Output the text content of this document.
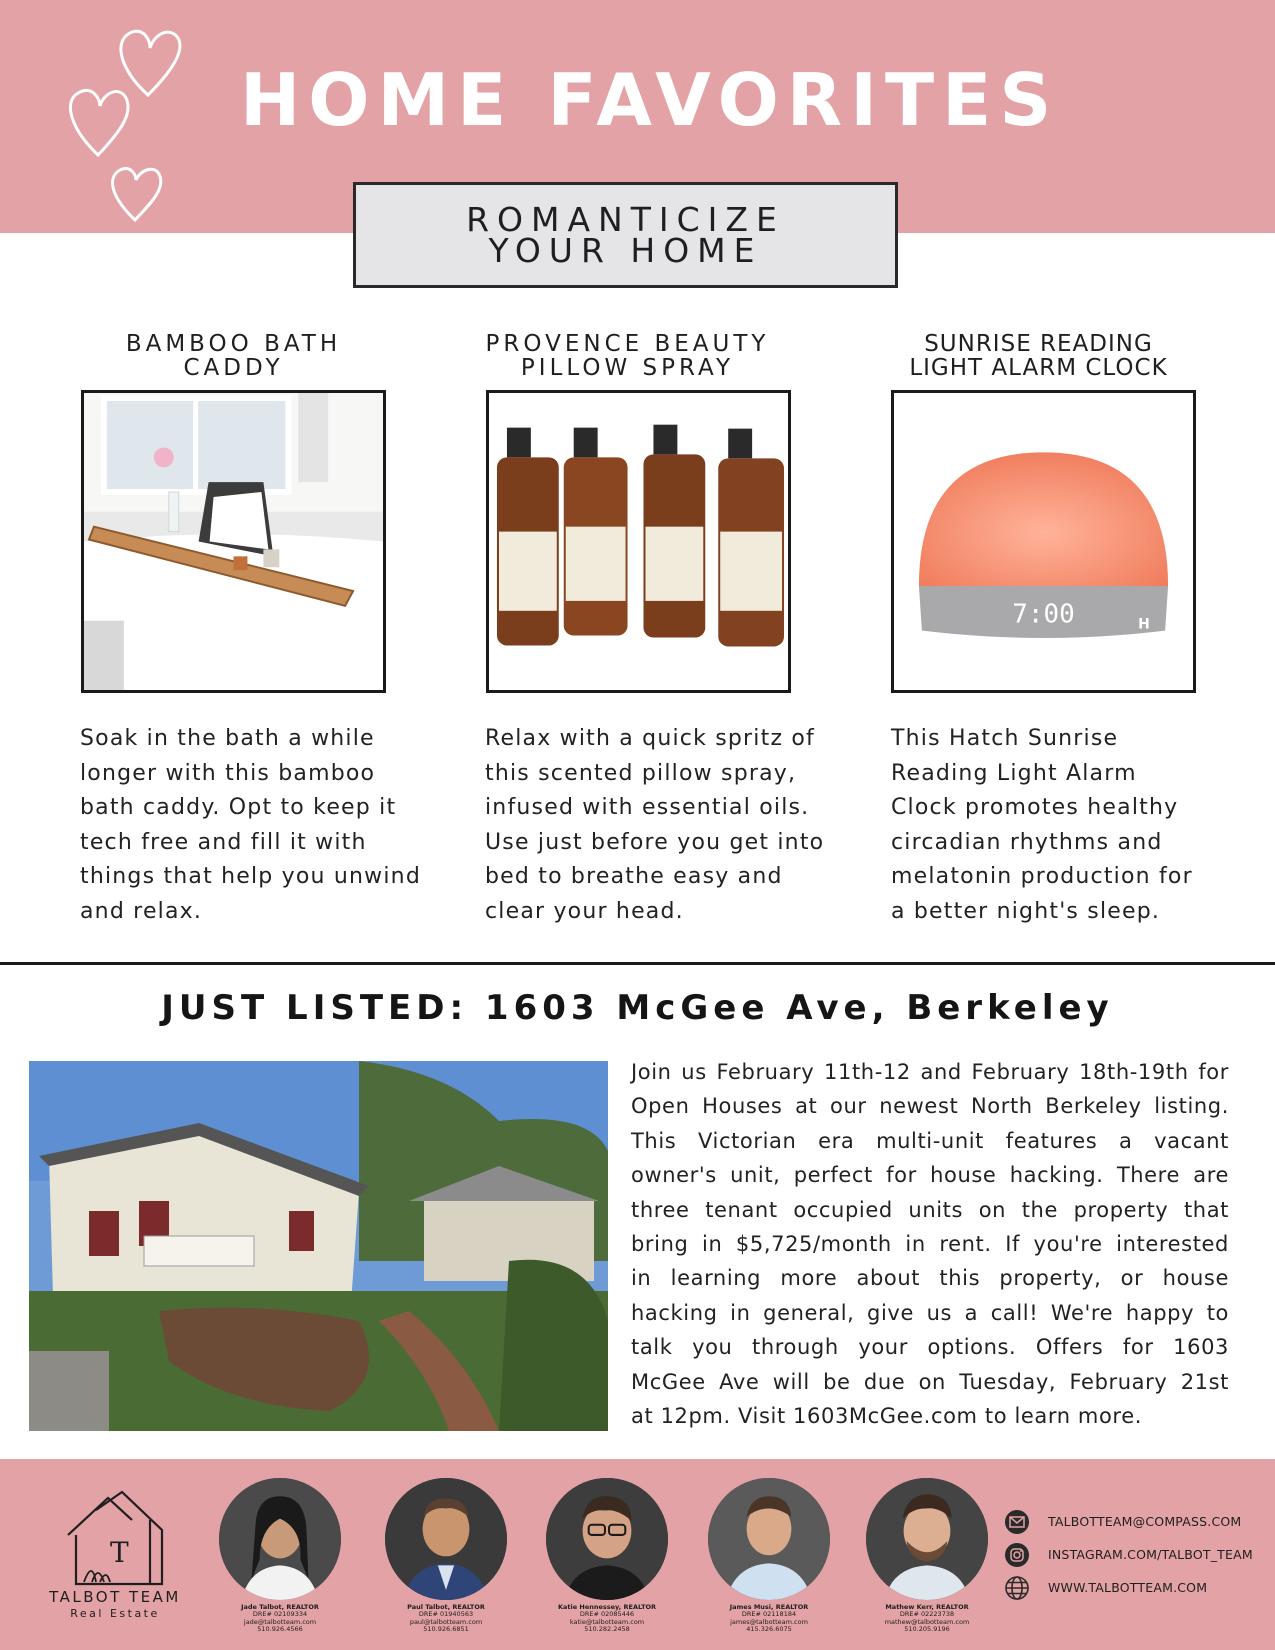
HOME FAVORITES
ROMANTICIZE
YOUR HOME
BAMBOO BATH
CADDY
Soak in the bath a while
longer with this bamboo
bath caddy. Opt to keep it
tech free and fill it with
things that help you unwind
and relax.
PROVENCE BEAUTY
PILLOW SPRAY
Relax with a quick spritz of
this scented pillow spray,
infused with essential oils.
Use just before you get into
bed to breathe easy and
clear your head.
SUNRISE READING
LIGHT ALARM CLOCK
7:00	H
This Hatch Sunrise
Reading Light Alarm
Clock promotes healthy
circadian rhythms and
melatonin production for
a better night's sleep.
JUST LISTED: 1603 McGee Ave, Berkeley
Join us February 11th-12 and February 18th-19th for
Open Houses at our newest North Berkeley listing.
This Victorian era multi-unit features a vacant
owner's unit, perfect for house hacking. There are
three tenant occupied units on the property that
bring in $5,725/month in rent. If you're interested
in learning more about this property, or house
hacking in general, give us a call! We're happy to
talk you through your options. Offers for 1603
McGee Ave will be due on Tuesday, February 21st
at 12pm. Visit 1603McGee.com to learn more.
T
TALBOT TEAM
Real Estate	Jade Talbot, REALTOR
DRE# 02109334
jade@talbotteam.com
510.926.4566
Paul Talbot, REALTOR
DRE# 01940563
paul@talbotteam.com
510.926.6851
Katie Hennessey, REALTOR
DRE# 02085446
katie@talbotteam.com
510.282.2458
James Musi, REALTOR
DRE# 02118184
james@talbotteam.com
415.326.6075
Mathew Kerr, REALTOR
DRE# 02223738
mathew@talbotteam.com
510.205.9196
TALBOTTEAM@COMPASS.COM
INSTAGRAM.COM/TALBOT_TEAM
WWW.TALBOTTEAM.COM
